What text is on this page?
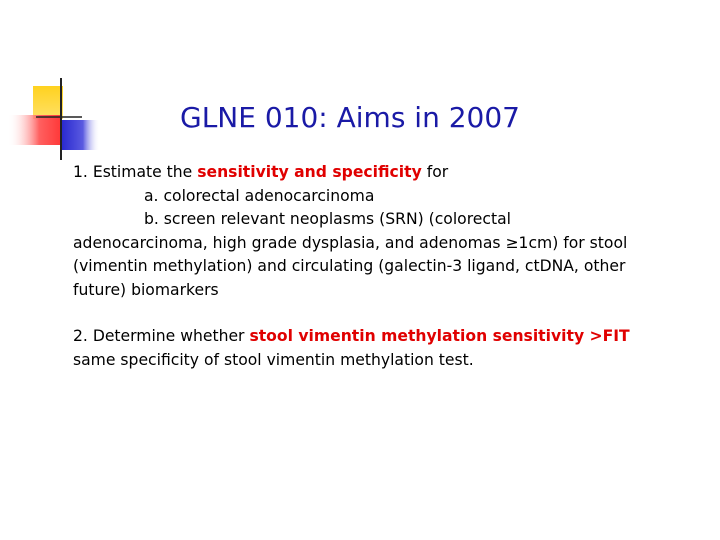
GLNE 010: Aims in 2007

1. Estimate the sensitivity and specificity for

a. colorectal adenocarcinoma

b. screen relevant neoplasms (SRN) (colorectal
adenocarcinoma, high grade dysplasia, and adenomas ≥1cm) for stool (vimentin methylation) and circulating (galectin-3 ligand, ctDNA, other future) biomarkers

2. Determine whether stool vimentin methylation sensitivity >FIT same specificity of stool vimentin methylation test.
